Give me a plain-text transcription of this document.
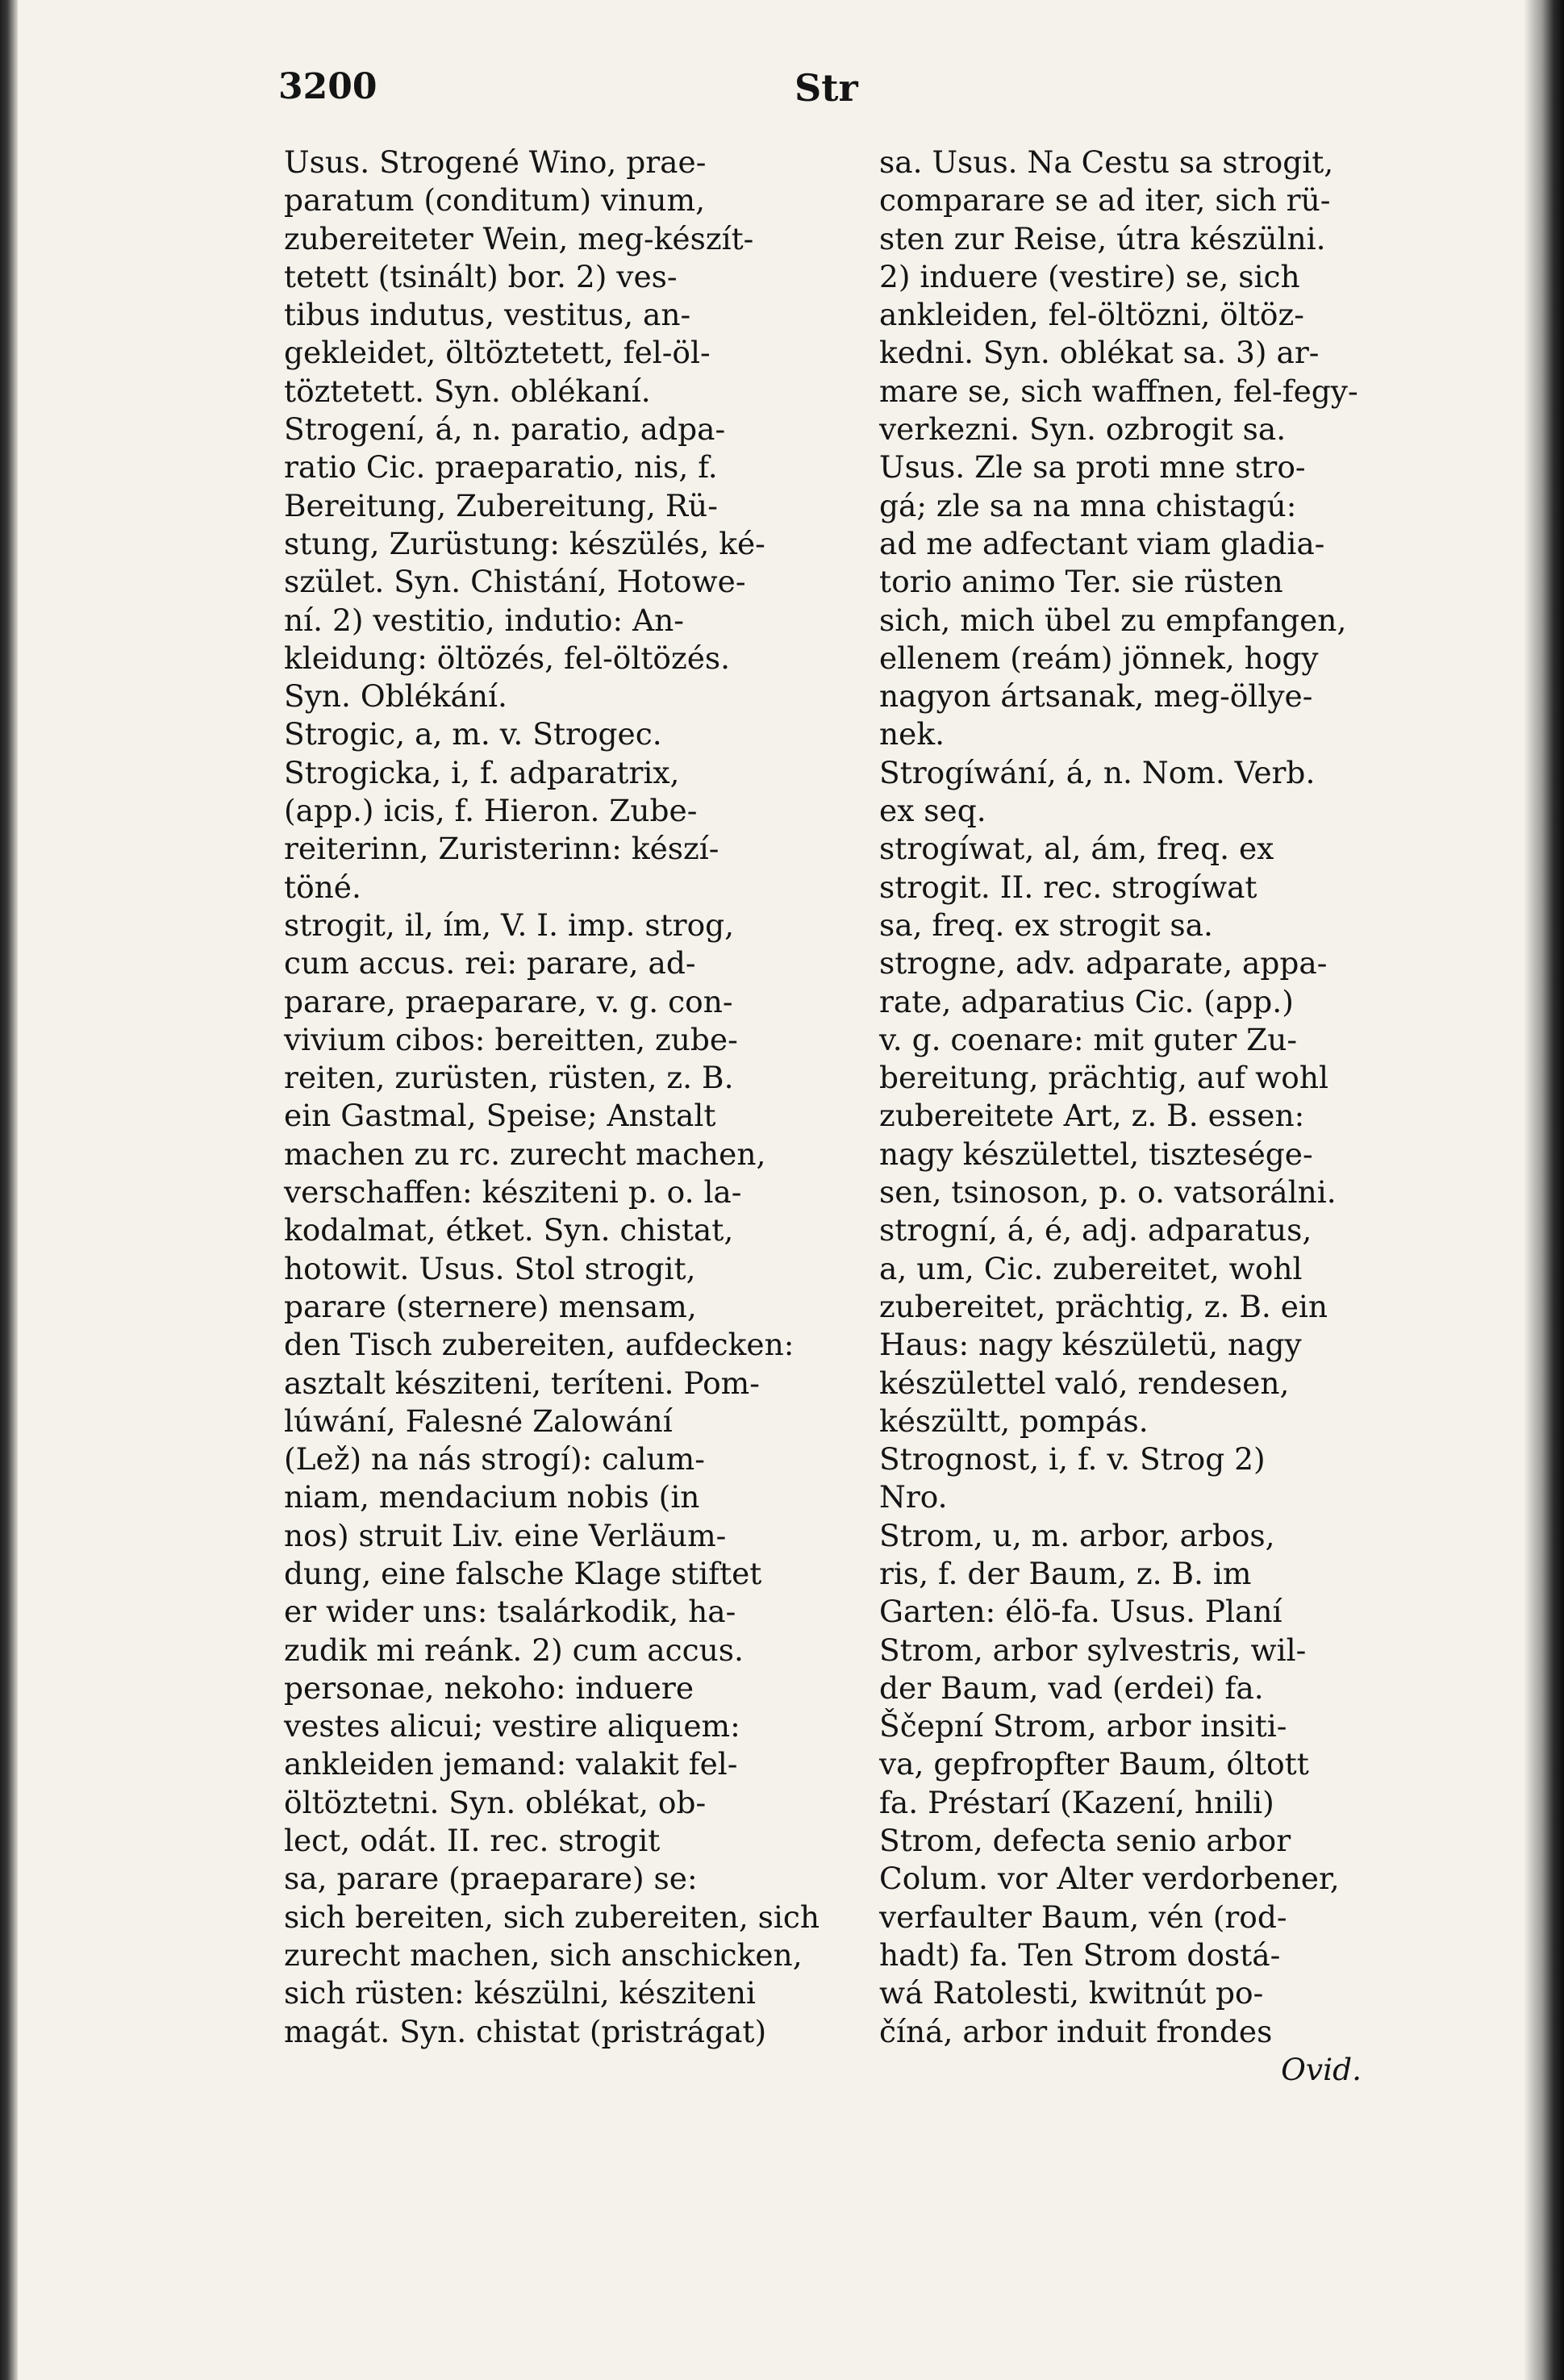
3200	Str
Usus. Strogené Wino, prae-
paratum (conditum) vinum,
zubereiteter Wein, meg-készít-
tetett (tsinált) bor. 2) ves-
tibus indutus, vestitus, an-
gekleidet, öltöztetett, fel-öl-
töztetett. Syn. oblékaní.
Strogení, á, n. paratio, adpa-
ratio Cic. praeparatio, nis, f.
Bereitung, Zubereitung, Rü-
stung, Zurüstung: készülés, ké-
szület. Syn. Chistání, Hotowe-
ní. 2) vestitio, indutio: An-
kleidung: öltözés, fel-öltözés.
Syn. Oblékání.
Strogic, a, m. v. Strogec.
Strogicka, i, f. adparatrix,
(app.) icis, f. Hieron. Zube-
reiterinn, Zuristerinn: készí-
töné.
strogit, il, ím, V. I. imp. strog,
cum accus. rei: parare, ad-
parare, praeparare, v. g. con-
vivium cibos: bereitten, zube-
reiten, zurüsten, rüsten, z. B.
ein Gastmal, Speise; Anstalt
machen zu rc. zurecht machen,
verschaffen: késziteni p. o. la-
kodalmat, étket. Syn. chistat,
hotowit. Usus. Stol strogit,
parare (sternere) mensam,
den Tisch zubereiten, aufdecken:
asztalt késziteni, teríteni. Pom-
lúwání, Falesné Zalowání
(Lež) na nás strogí): calum-
niam, mendacium nobis (in
nos) struit Liv. eine Verläum-
dung, eine falsche Klage stiftet
er wider uns: tsalárkodik, ha-
zudik mi reánk. 2) cum accus.
personae, nekoho: induere
vestes alicui; vestire aliquem:
ankleiden jemand: valakit fel-
öltöztetni. Syn. oblékat, ob-
lect, odát. II. rec. strogit
sa, parare (praeparare) se:
sich bereiten, sich zubereiten, sich
zurecht machen, sich anschicken,
sich rüsten: készülni, késziteni
magát. Syn. chistat (pristrágat)
sa. Usus. Na Cestu sa strogit,
comparare se ad iter, sich rü-
sten zur Reise, útra készülni.
2) induere (vestire) se, sich
ankleiden, fel-öltözni, öltöz-
kedni. Syn. oblékat sa. 3) ar-
mare se, sich waffnen, fel-fegy-
verkezni. Syn. ozbrogit sa.
Usus. Zle sa proti mne stro-
gá; zle sa na mna chistagú:
ad me adfectant viam gladia-
torio animo Ter. sie rüsten
sich, mich übel zu empfangen,
ellenem (reám) jönnek, hogy
nagyon ártsanak, meg-öllye-
nek.
Strogíwání, á, n. Nom. Verb.
ex seq.
strogíwat, al, ám, freq. ex
strogit. II. rec. strogíwat
sa, freq. ex strogit sa.
strogne, adv. adparate, appa-
rate, adparatius Cic. (app.)
v. g. coenare: mit guter Zu-
bereitung, prächtig, auf wohl
zubereitete Art, z. B. essen:
nagy készülettel, tisztesége-
sen, tsinoson, p. o. vatsorálni.
strogní, á, é, adj. adparatus,
a, um, Cic. zubereitet, wohl
zubereitet, prächtig, z. B. ein
Haus: nagy készületü, nagy
készülettel való, rendesen,
készültt, pompás.
Strognost, i, f. v. Strog 2)
Nro.
Strom, u, m. arbor, arbos,
ris, f. der Baum, z. B. im
Garten: élö-fa. Usus. Planí
Strom, arbor sylvestris, wil-
der Baum, vad (erdei) fa.
Ščepní Strom, arbor insiti-
va, gepfropfter Baum, óltott
fa. Préstarí (Kazení, hnili)
Strom, defecta senio arbor
Colum. vor Alter verdorbener,
verfaulter Baum, vén (rod-
hadt) fa. Ten Strom dostá-
wá Ratolesti, kwitnút po-
číná, arbor induit frondes
Ovid.
